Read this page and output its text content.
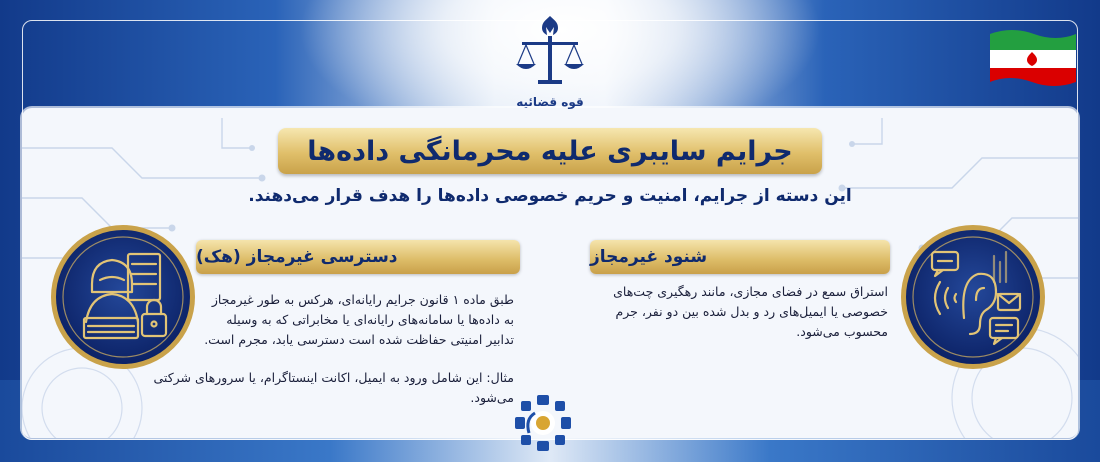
قوه قضائیه
جرایم سایبری علیه محرمانگی داده‌ها
این دسته از جرایم، امنیت و حریم خصوصی داده‌ها را هدف قرار می‌دهند.
دسترسی غیرمجاز (هک)
طبق ماده ۱ قانون جرایم رایانه‌ای، هرکس به طور غیرمجاز
به داده‌ها یا سامانه‌های رایانه‌ای یا مخابراتی که به وسیله
تدابیر امنیتی حفاظت شده است دسترسی یابد، مجرم است.
مثال: این شامل ورود به ایمیل، اکانت اینستاگرام، یا سرورهای شرکتی می‌شود.
شنود غیرمجاز
استراق سمع در فضای مجازی، مانند رهگیری چت‌های
خصوصی یا ایمیل‌های رد و بدل شده بین دو نفر، جرم
محسوب می‌شود.
